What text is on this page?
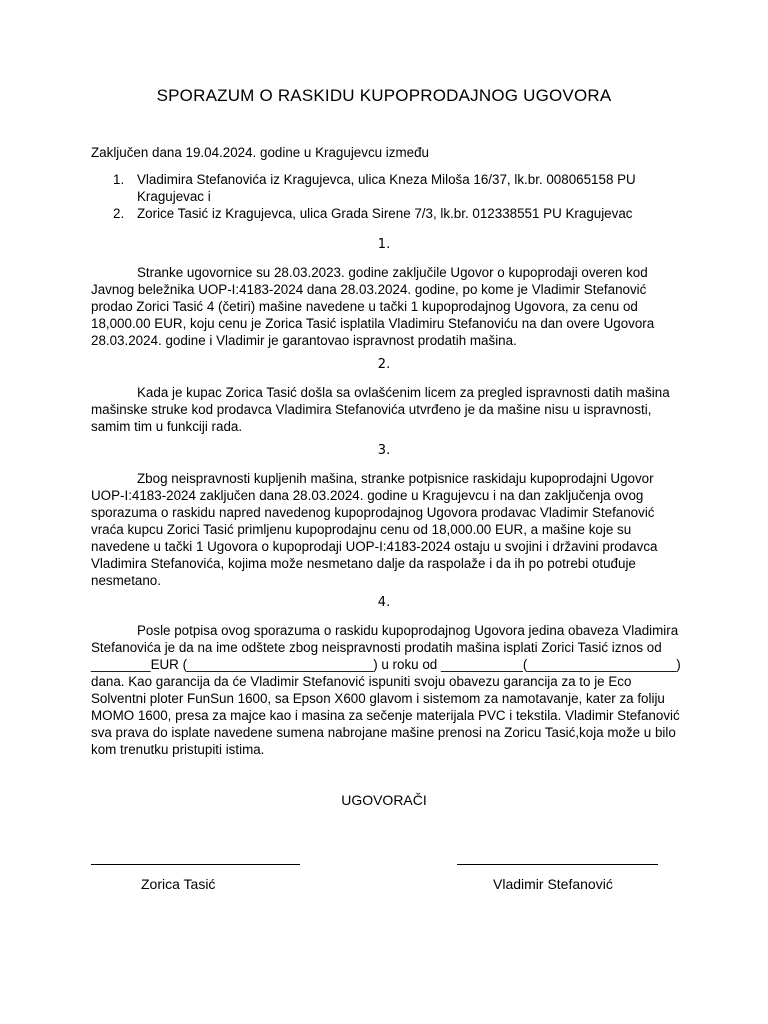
SPORAZUM O RASKIDU KUPOPRODAJNOG UGOVORA
Zaključen dana 19.04.2024. godine u Kragujevcu između
1. Vladimira Stefanovića iz Kragujevca, ulica Kneza Miloša 16/37, lk.br. 008065158 PU Kragujevac i
2. Zorice Tasić iz Kragujevca, ulica Grada Sirene 7/3, lk.br. 012338551 PU Kragujevac
1.

Stranke ugovornice su 28.03.2023. godine zaključile Ugovor o kupoprodaji overen kod Javnog beležnika UOP-I:4183-2024 dana 28.03.2024. godine, po kome je Vladimir Stefanović prodao Zorici Tasić 4 (četiri) mašine navedene u tački 1 kupoprodajnog Ugovora, za cenu od 18,000.00 EUR, koju cenu je Zorica Tasić isplatila Vladimiru Stefanoviću na dan overe Ugovora 28.03.2024. godine i Vladimir je garantovao ispravnost prodatih mašina.

2.

Kada je kupac Zorica Tasić došla sa ovlašćenim licem za pregled ispravnosti datih mašina mašinske struke kod prodavca Vladimira Stefanovića utvrđeno je da mašine nisu u ispravnosti, samim tim u funkciji rada.

3.

Zbog neispravnosti kupljenih mašina, stranke potpisnice raskidaju kupoprodajni Ugovor UOP-I:4183-2024 zaključen dana 28.03.2024. godine u Kragujevcu i na dan zaključenja ovog sporazuma o raskidu napred navedenog kupoprodajnog Ugovora prodavac Vladimir Stefanović vraća kupcu Zorici Tasić primljenu kupoprodajnu cenu od 18,000.00 EUR, a mašine koje su navedene u tački 1 Ugovora o kupoprodaji UOP-I:4183-2024 ostaju u svojini i državini prodavca Vladimira Stefanovića, kojima može nesmetano dalje da raspolaže i da ih po potrebi otuđuje nesmetano.

4.

Posle potpisa ovog sporazuma o raskidu kupoprodajnog Ugovora jedina obaveza Vladimira Stefanovića je da na ime odštete zbog neispravnosti prodatih mašina isplati Zorici Tasić iznos od ________EUR (_________________________) u roku od ___________(____________________) dana. Kao garancija da će Vladimir Stefanović ispuniti svoju obavezu garancija za to je Eco Solventni ploter FunSun 1600, sa Epson X600 glavom i sistemom za namotavanje, kater za foliju MOMO 1600, presa za majce kao i masina za sečenje materijala PVC i tekstila. Vladimir Stefanović sva prava do isplate navedene sumena nabrojane mašine prenosi na Zoricu Tasić,koja može u bilo kom trenutku pristupiti istima.

UGOVORAČI
Zorica Tasić	Vladimir Stefanović
